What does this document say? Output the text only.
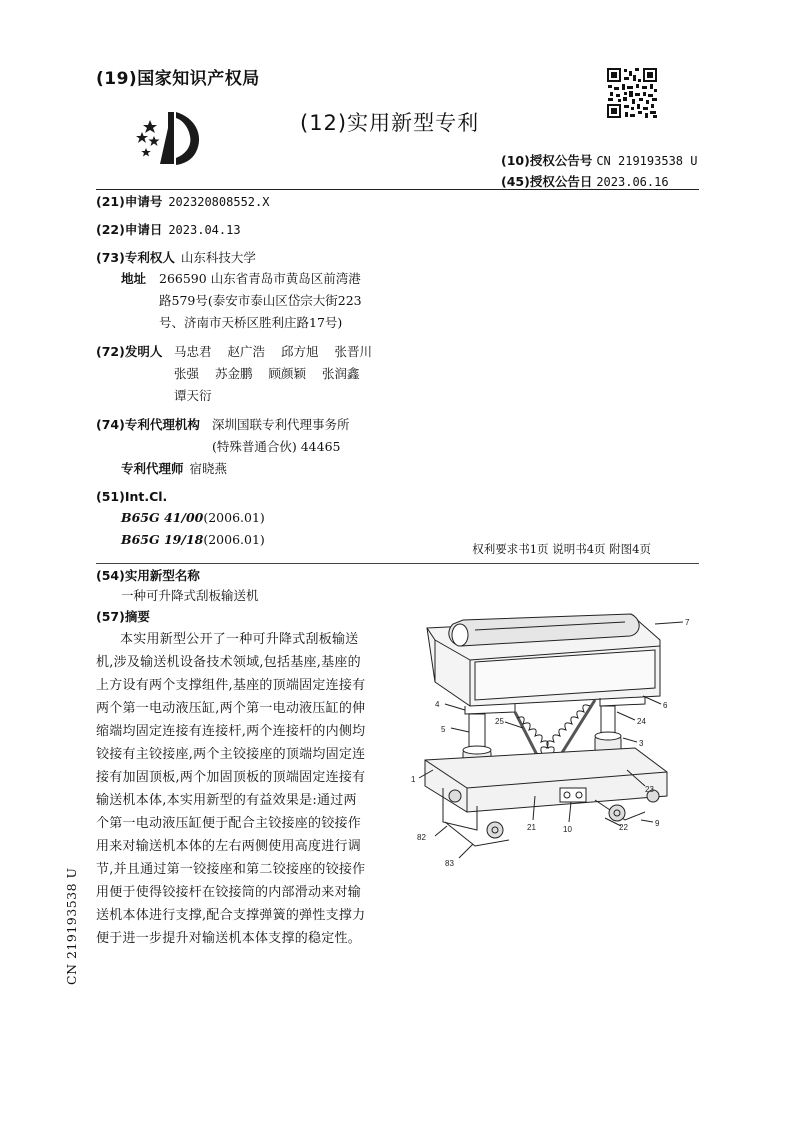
(19)国家知识产权局
(12)实用新型专利
(10)授权公告号 CN 219193538 U
(45)授权公告日 2023.06.16
(21)申请号 202320808552.X
(22)申请日 2023.04.13
(73)专利权人 山东科技大学
地址 266590 山东省青岛市黄岛区前湾港
路579号(泰安市泰山区岱宗大街223
号、济南市天桥区胜利庄路17号)
(72)发明人 马忠君 赵广浩 邱方旭 张晋川
张强 苏金鹏 顾颜颖 张润鑫
谭天衍
(74)专利代理机构 深圳国联专利代理事务所
(特殊普通合伙) 44465
专利代理师 宿晓燕
(51)Int.Cl.
B65G 41/00(2006.01)
B65G 19/18(2006.01)
权利要求书1页 说明书4页 附图4页
(54)实用新型名称
一种可升降式刮板输送机
(57)摘要
本实用新型公开了一种可升降式刮板输送
机,涉及输送机设备技术领域,包括基座,基座的
上方设有两个支撑组件,基座的顶端固定连接有
两个第一电动液压缸,两个第一电动液压缸的伸
缩端均固定连接有连接杆,两个连接杆的内侧均
铰接有主铰接座,两个主铰接座的顶端均固定连
接有加固顶板,两个加固顶板的顶端固定连接有
输送机本体,本实用新型的有益效果是:通过两
个第一电动液压缸便于配合主铰接座的铰接作
用来对输送机本体的左右两侧使用高度进行调
节,并且通过第一铰接座和第二铰接座的铰接作
用便于使得铰接杆在铰接筒的内部滑动来对输
送机本体进行支撑,配合支撑弹簧的弹性支撑力
便于进一步提升对输送机本体支撑的稳定性。
CN 219193538 U
7
4	6
24
5
25
3
1
23
82
21	10	22	9
83
